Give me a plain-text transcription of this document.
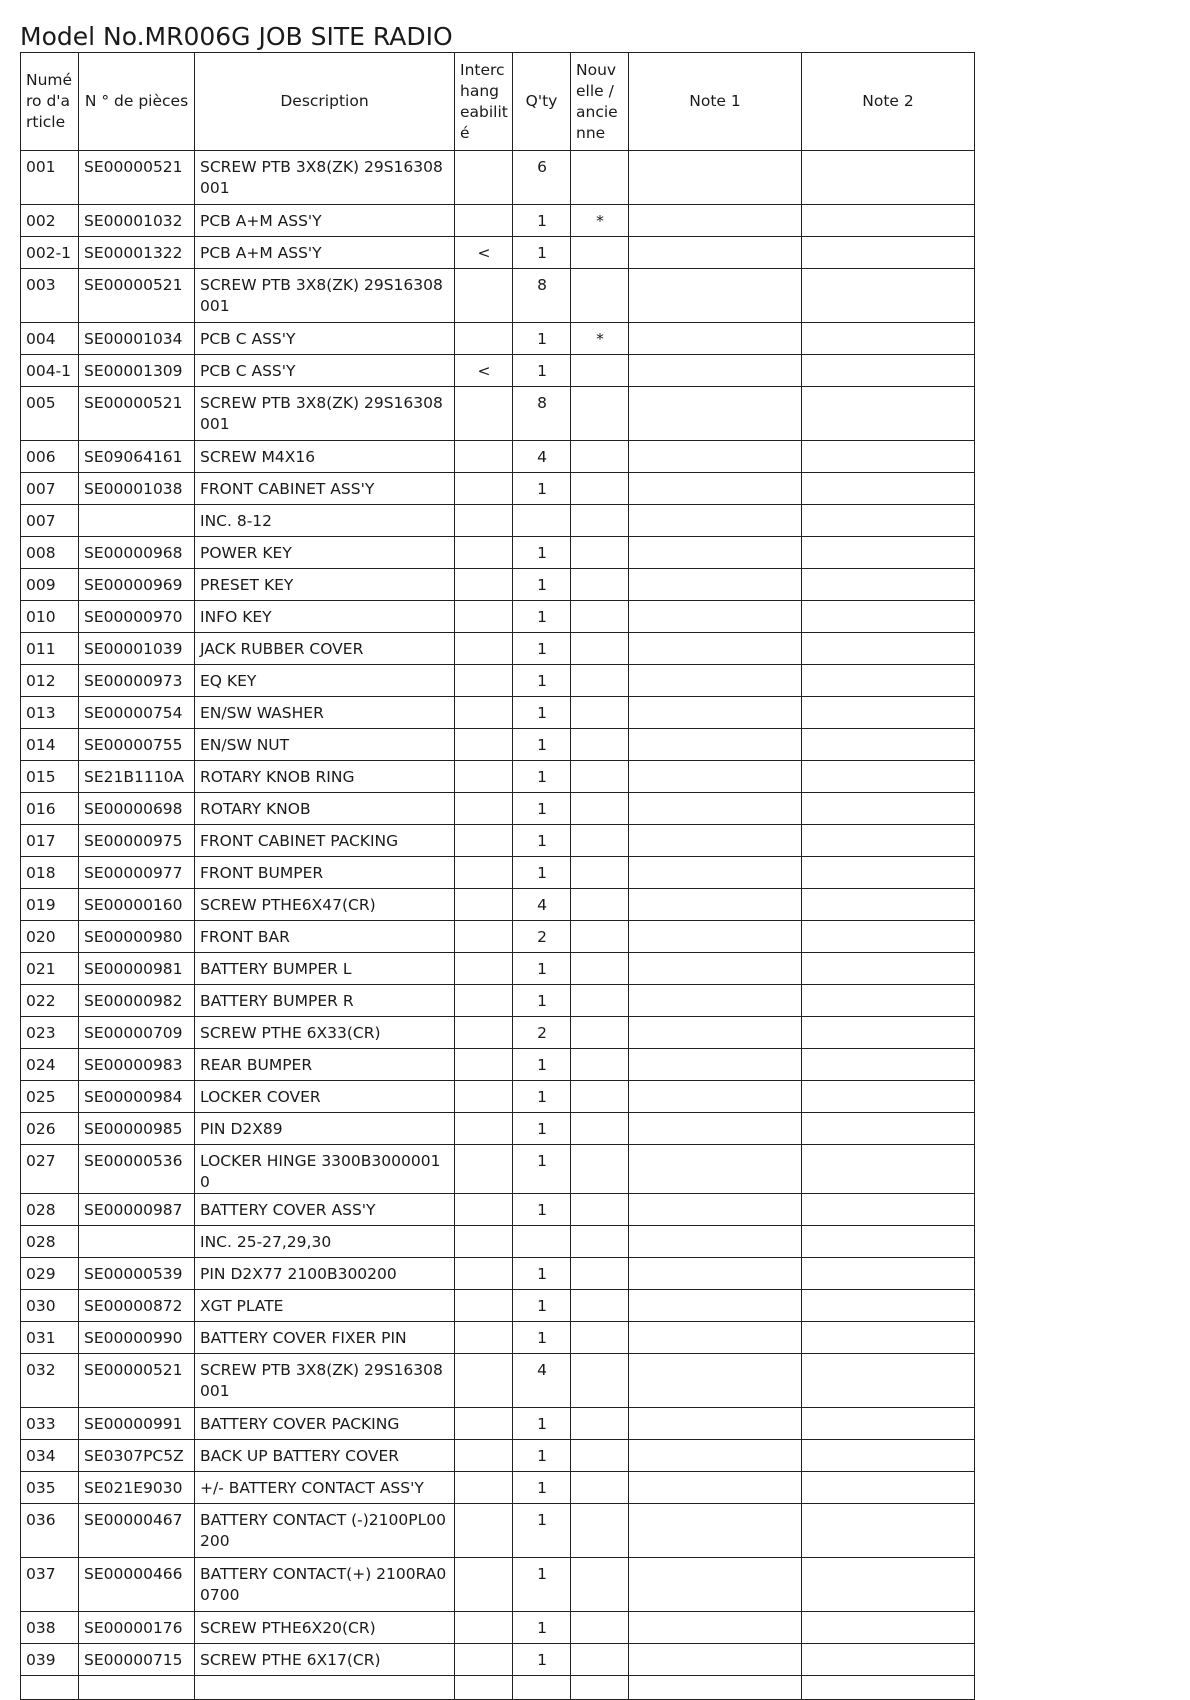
Model No.MR006G JOB SITE RADIO
Numé ro d'a rticle	N ° de pièces	Description	Interc hang eabilit é	Q'ty	Nouv elle / ancie nne	Note 1	Note 2
001	SE00000521	SCREW PTB 3X8(ZK) 29S16308001		6			
002	SE00001032	PCB A+M ASS'Y		1	*		
002-1	SE00001322	PCB A+M ASS'Y	<	1			
003	SE00000521	SCREW PTB 3X8(ZK) 29S16308001		8			
004	SE00001034	PCB C ASS'Y		1	*		
004-1	SE00001309	PCB C ASS'Y	<	1			
005	SE00000521	SCREW PTB 3X8(ZK) 29S16308001		8			
006	SE09064161	SCREW M4X16		4			
007	SE00001038	FRONT CABINET ASS'Y		1			
007		INC. 8-12					
008	SE00000968	POWER KEY		1			
009	SE00000969	PRESET KEY		1			
010	SE00000970	INFO KEY		1			
011	SE00001039	JACK RUBBER COVER		1			
012	SE00000973	EQ KEY		1			
013	SE00000754	EN/SW WASHER		1			
014	SE00000755	EN/SW NUT		1			
015	SE21B1110A	ROTARY KNOB RING		1			
016	SE00000698	ROTARY KNOB		1			
017	SE00000975	FRONT CABINET PACKING		1			
018	SE00000977	FRONT BUMPER		1			
019	SE00000160	SCREW PTHE6X47(CR)		4			
020	SE00000980	FRONT BAR		2			
021	SE00000981	BATTERY BUMPER L		1			
022	SE00000982	BATTERY BUMPER R		1			
023	SE00000709	SCREW PTHE 6X33(CR)		2			
024	SE00000983	REAR BUMPER		1			
025	SE00000984	LOCKER COVER		1			
026	SE00000985	PIN D2X89		1			
027	SE00000536	LOCKER HINGE 3300B30000010		1			
028	SE00000987	BATTERY COVER ASS'Y		1			
028		INC. 25-27,29,30					
029	SE00000539	PIN D2X77 2100B300200		1			
030	SE00000872	XGT PLATE		1			
031	SE00000990	BATTERY COVER FIXER PIN		1			
032	SE00000521	SCREW PTB 3X8(ZK) 29S16308001		4			
033	SE00000991	BATTERY COVER PACKING		1			
034	SE0307PC5Z	BACK UP BATTERY COVER		1			
035	SE021E9030	+/- BATTERY CONTACT ASS'Y		1			
036	SE00000467	BATTERY CONTACT (-)2100PL00200		1			
037	SE00000466	BATTERY CONTACT(+) 2100RA00700		1			
038	SE00000176	SCREW PTHE6X20(CR)		1			
039	SE00000715	SCREW PTHE 6X17(CR)		1			
